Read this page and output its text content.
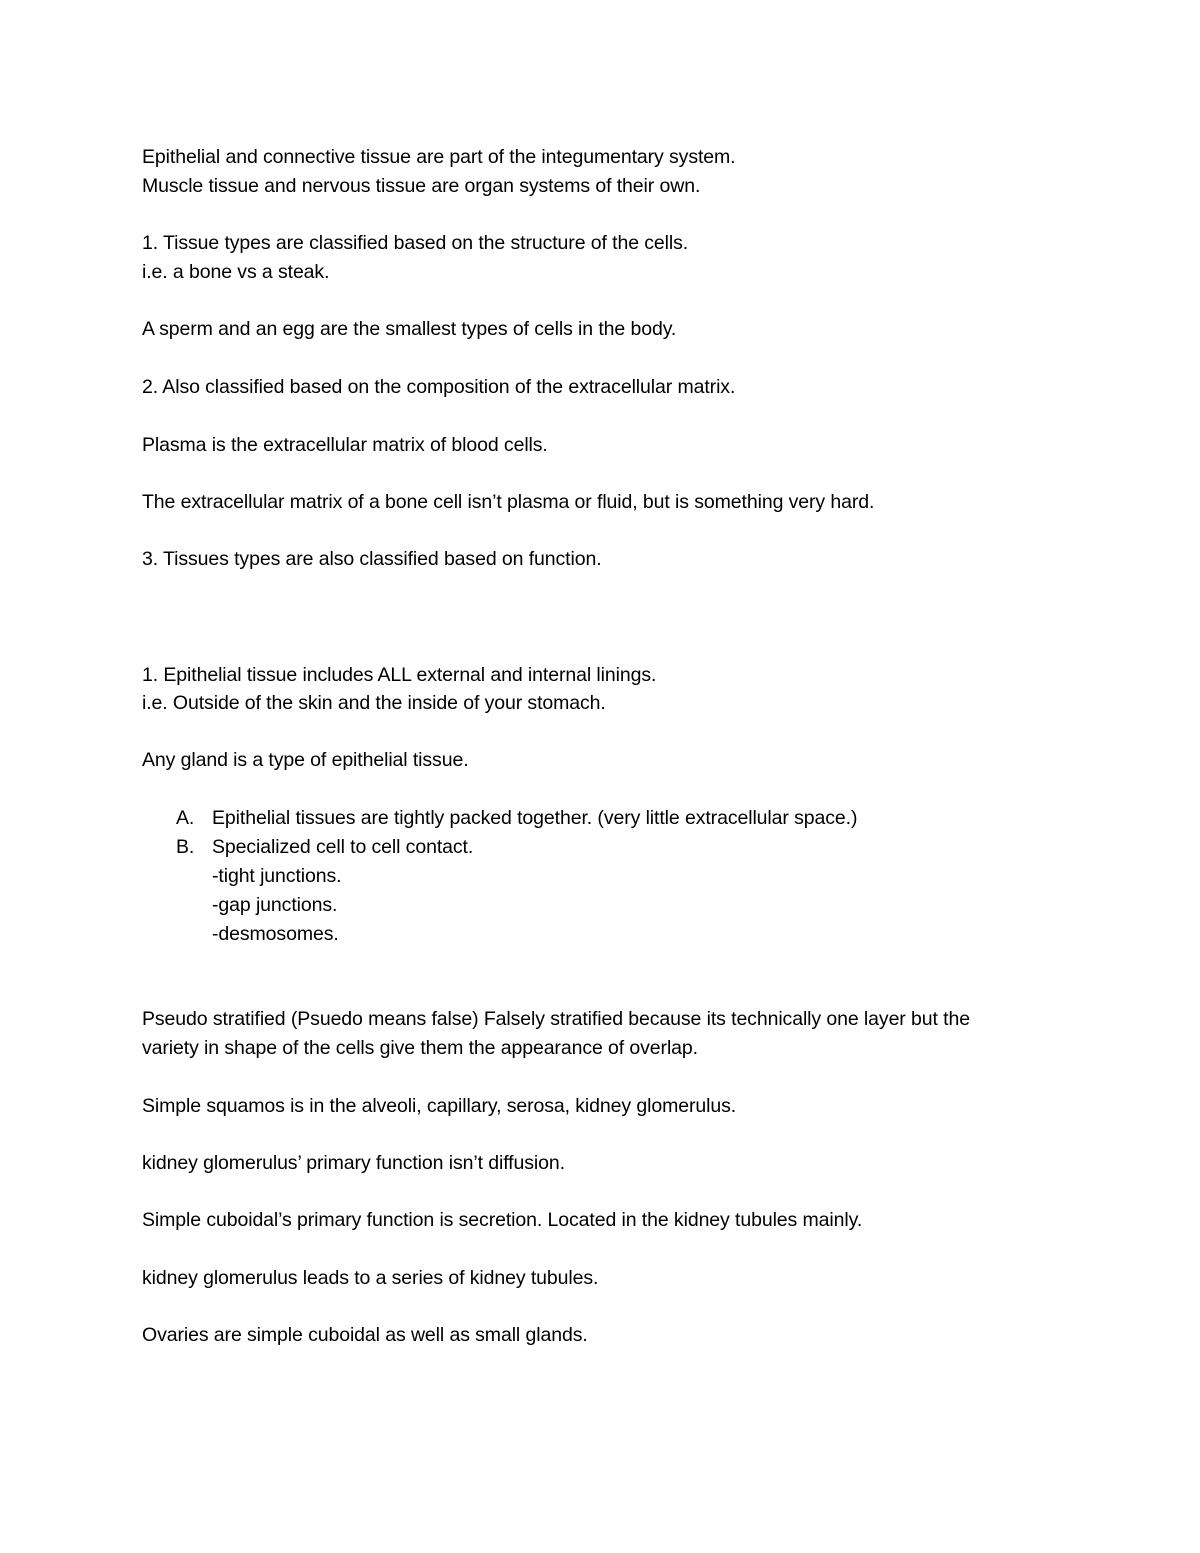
Epithelial and connective tissue are part of the integumentary system.
Muscle tissue and nervous tissue are organ systems of their own.
1. Tissue types are classified based on the structure of the cells.
i.e. a bone vs a steak.
A sperm and an egg are the smallest types of cells in the body.
2. Also classified based on the composition of the extracellular matrix.
Plasma is the extracellular matrix of blood cells.
The extracellular matrix of a bone cell isn’t plasma or fluid, but is something very hard.
3. Tissues types are also classified based on function.
1. Epithelial tissue includes ALL external and internal linings.
i.e. Outside of the skin and the inside of your stomach.
Any gland is a type of epithelial tissue.
A. Epithelial tissues are tightly packed together. (very little extracellular space.)
B. Specialized cell to cell contact.
-tight junctions.
-gap junctions.
-desmosomes.
Pseudo stratified (Psuedo means false) Falsely stratified because its technically one layer but the
variety in shape of the cells give them the appearance of overlap.
Simple squamos is in the alveoli, capillary, serosa, kidney glomerulus.
kidney glomerulus’ primary function isn’t diffusion.
Simple cuboidal’s primary function is secretion. Located in the kidney tubules mainly.
kidney glomerulus leads to a series of kidney tubules.
Ovaries are simple cuboidal as well as small glands.
